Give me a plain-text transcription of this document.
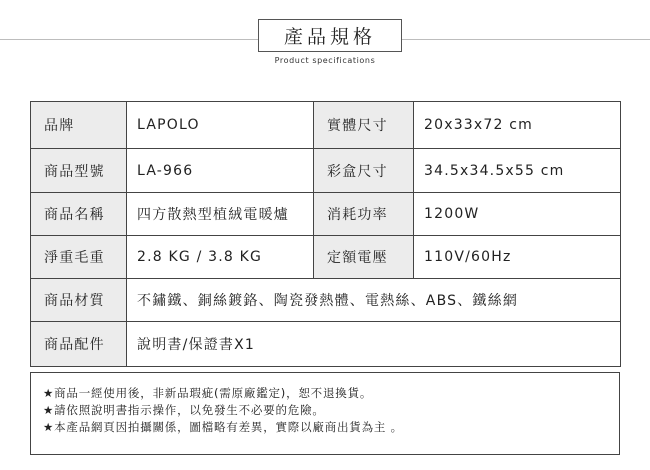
產品規格
Product specifications
品牌	LAPOLO	實體尺寸	20x33x72 cm
商品型號	LA-966	彩盒尺寸	34.5x34.5x55 cm
商品名稱	四方散熱型植絨電暖爐	消耗功率	1200W
淨重毛重	2.8 KG / 3.8 KG	定額電壓	110V/60Hz
商品材質	不鏽鐵、銅絲鍍鉻、陶瓷發熱體、電熱絲、ABS、鐵絲網		
商品配件	說明書/保證書X1		
★商品一經使用後，非新品瑕疵(需原廠鑑定)，恕不退換貨。
★請依照說明書指示操作，以免發生不必要的危險。
★本產品網頁因拍攝關係，圖檔略有差異，實際以廠商出貨為主 。
